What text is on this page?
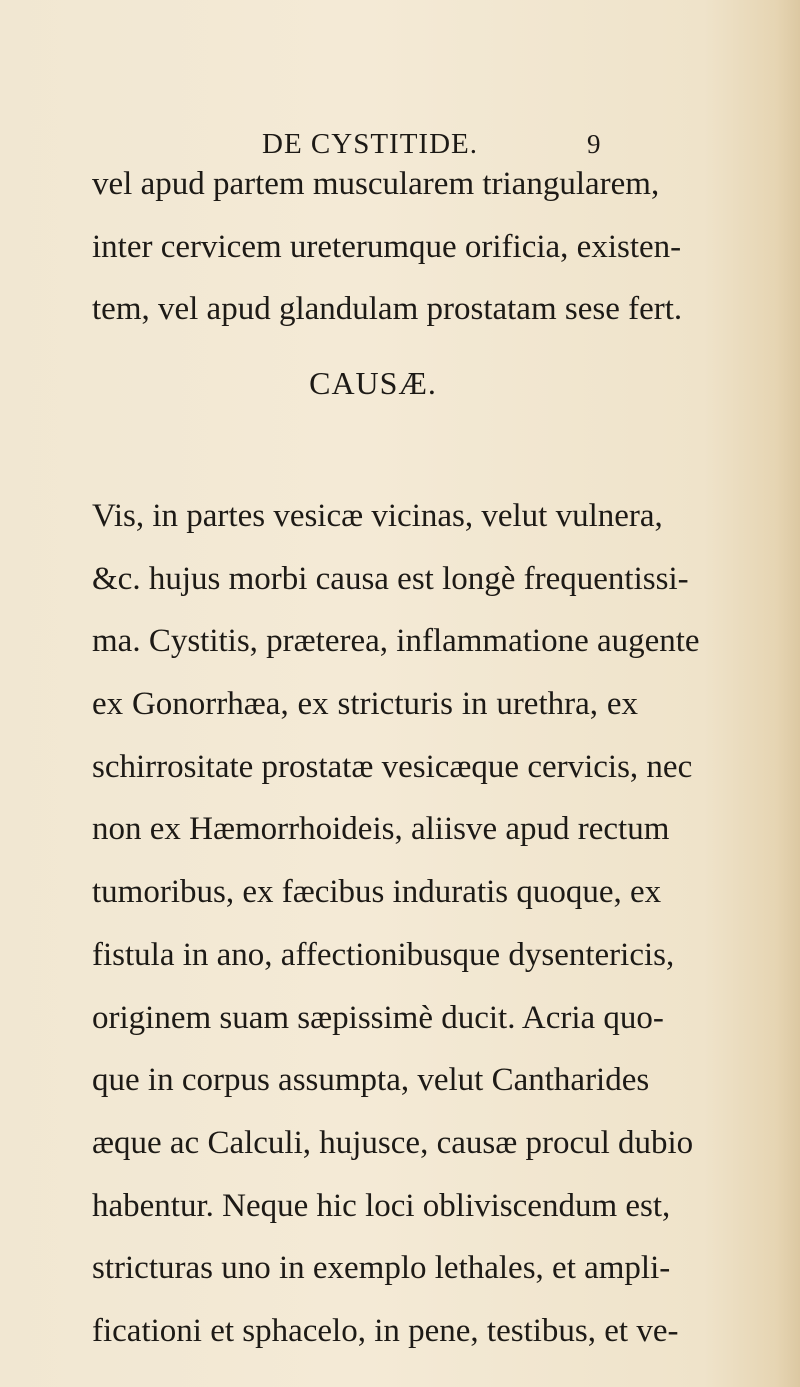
DE CYSTITIDE.	9
vel apud partem muscularem triangularem,
inter cervicem ureterumque orificia, existen-
tem, vel apud glandulam prostatam sese fert.
CAUSÆ.
Vis, in partes vesicæ vicinas, velut vulnera,
&c. hujus morbi causa est longè frequentissi-
ma. Cystitis, præterea, inflammatione augente
ex Gonorrhæa, ex stricturis in urethra, ex
schirrositate prostatæ vesicæque cervicis, nec
non ex Hæmorrhoideis, aliisve apud rectum
tumoribus, ex fæcibus induratis quoque, ex
fistula in ano, affectionibusque dysentericis,
originem suam sæpissimè ducit. Acria quo-
que in corpus assumpta, velut Cantharides
æque ac Calculi, hujusce, causæ procul dubio
habentur. Neque hic loci obliviscendum est,
stricturas uno in exemplo lethales, et ampli-
ficationi et sphacelo, in pene, testibus, et ve-
